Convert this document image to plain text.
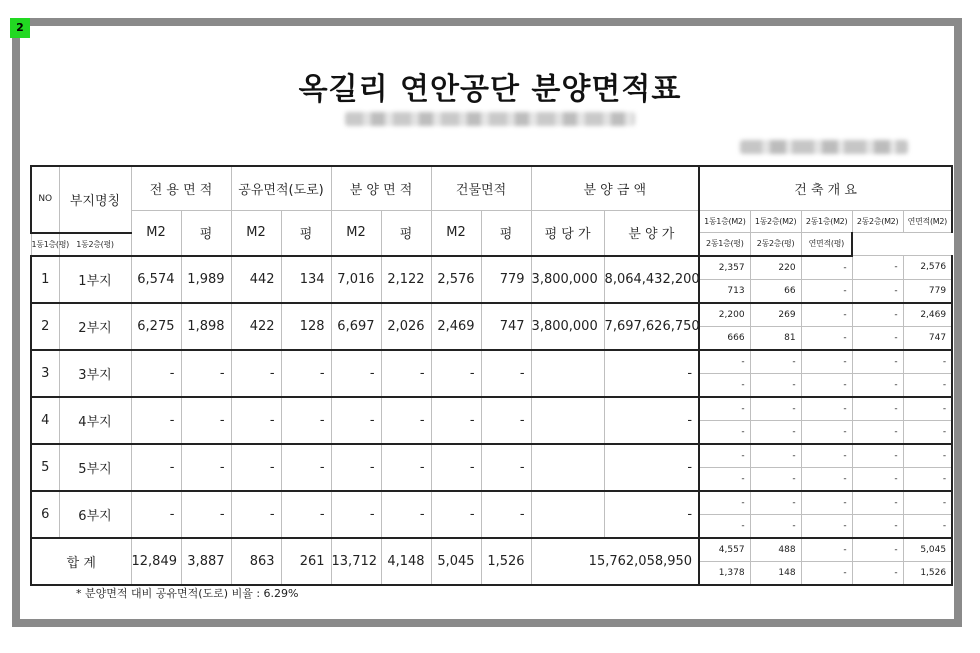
2
옥길리 연안공단 분양면적표
NO	부지명칭	전 용 면 적		공유면적(도로)		분 양 면 적		건물면적		분 양 금 액		건 축 개 요				
		M2	평	M2	평	M2	평	M2	평	평 당 가	분 양 가	1동1층(M2)	1동2층(M2)	2동1층(M2)	2동2층(M2)	연면적(M2)
1동1층(평)	1동2층(평)											2동1층(평)	2동2층(평)	연면적(평)		
1	1부지	6,574	1,989	442	134	7,016	2,122	2,576	779	3,800,000	8,064,432,200	2,357	220	-	-	2,576
												713	66	-	-	779
2	2부지	6,275	1,898	422	128	6,697	2,026	2,469	747	3,800,000	7,697,626,750	2,200	269	-	-	2,469
												666	81	-	-	747
3	3부지	-	-	-	-	-	-	-	-		-	-	-	-	-	-
												-	-	-	-	-
4	4부지	-	-	-	-	-	-	-	-		-	-	-	-	-	-
												-	-	-	-	-
5	5부지	-	-	-	-	-	-	-	-		-	-	-	-	-	-
												-	-	-	-	-
6	6부지	-	-	-	-	-	-	-	-		-	-	-	-	-	-
												-	-	-	-	-
합 계		12,849	3,887	863	261	13,712	4,148	5,045	1,526	15,762,058,950		4,557	488	-	-	5,045
												1,378	148	-	-	1,526
* 분양면적 대비 공유면적(도로) 비율 : 6.29%
